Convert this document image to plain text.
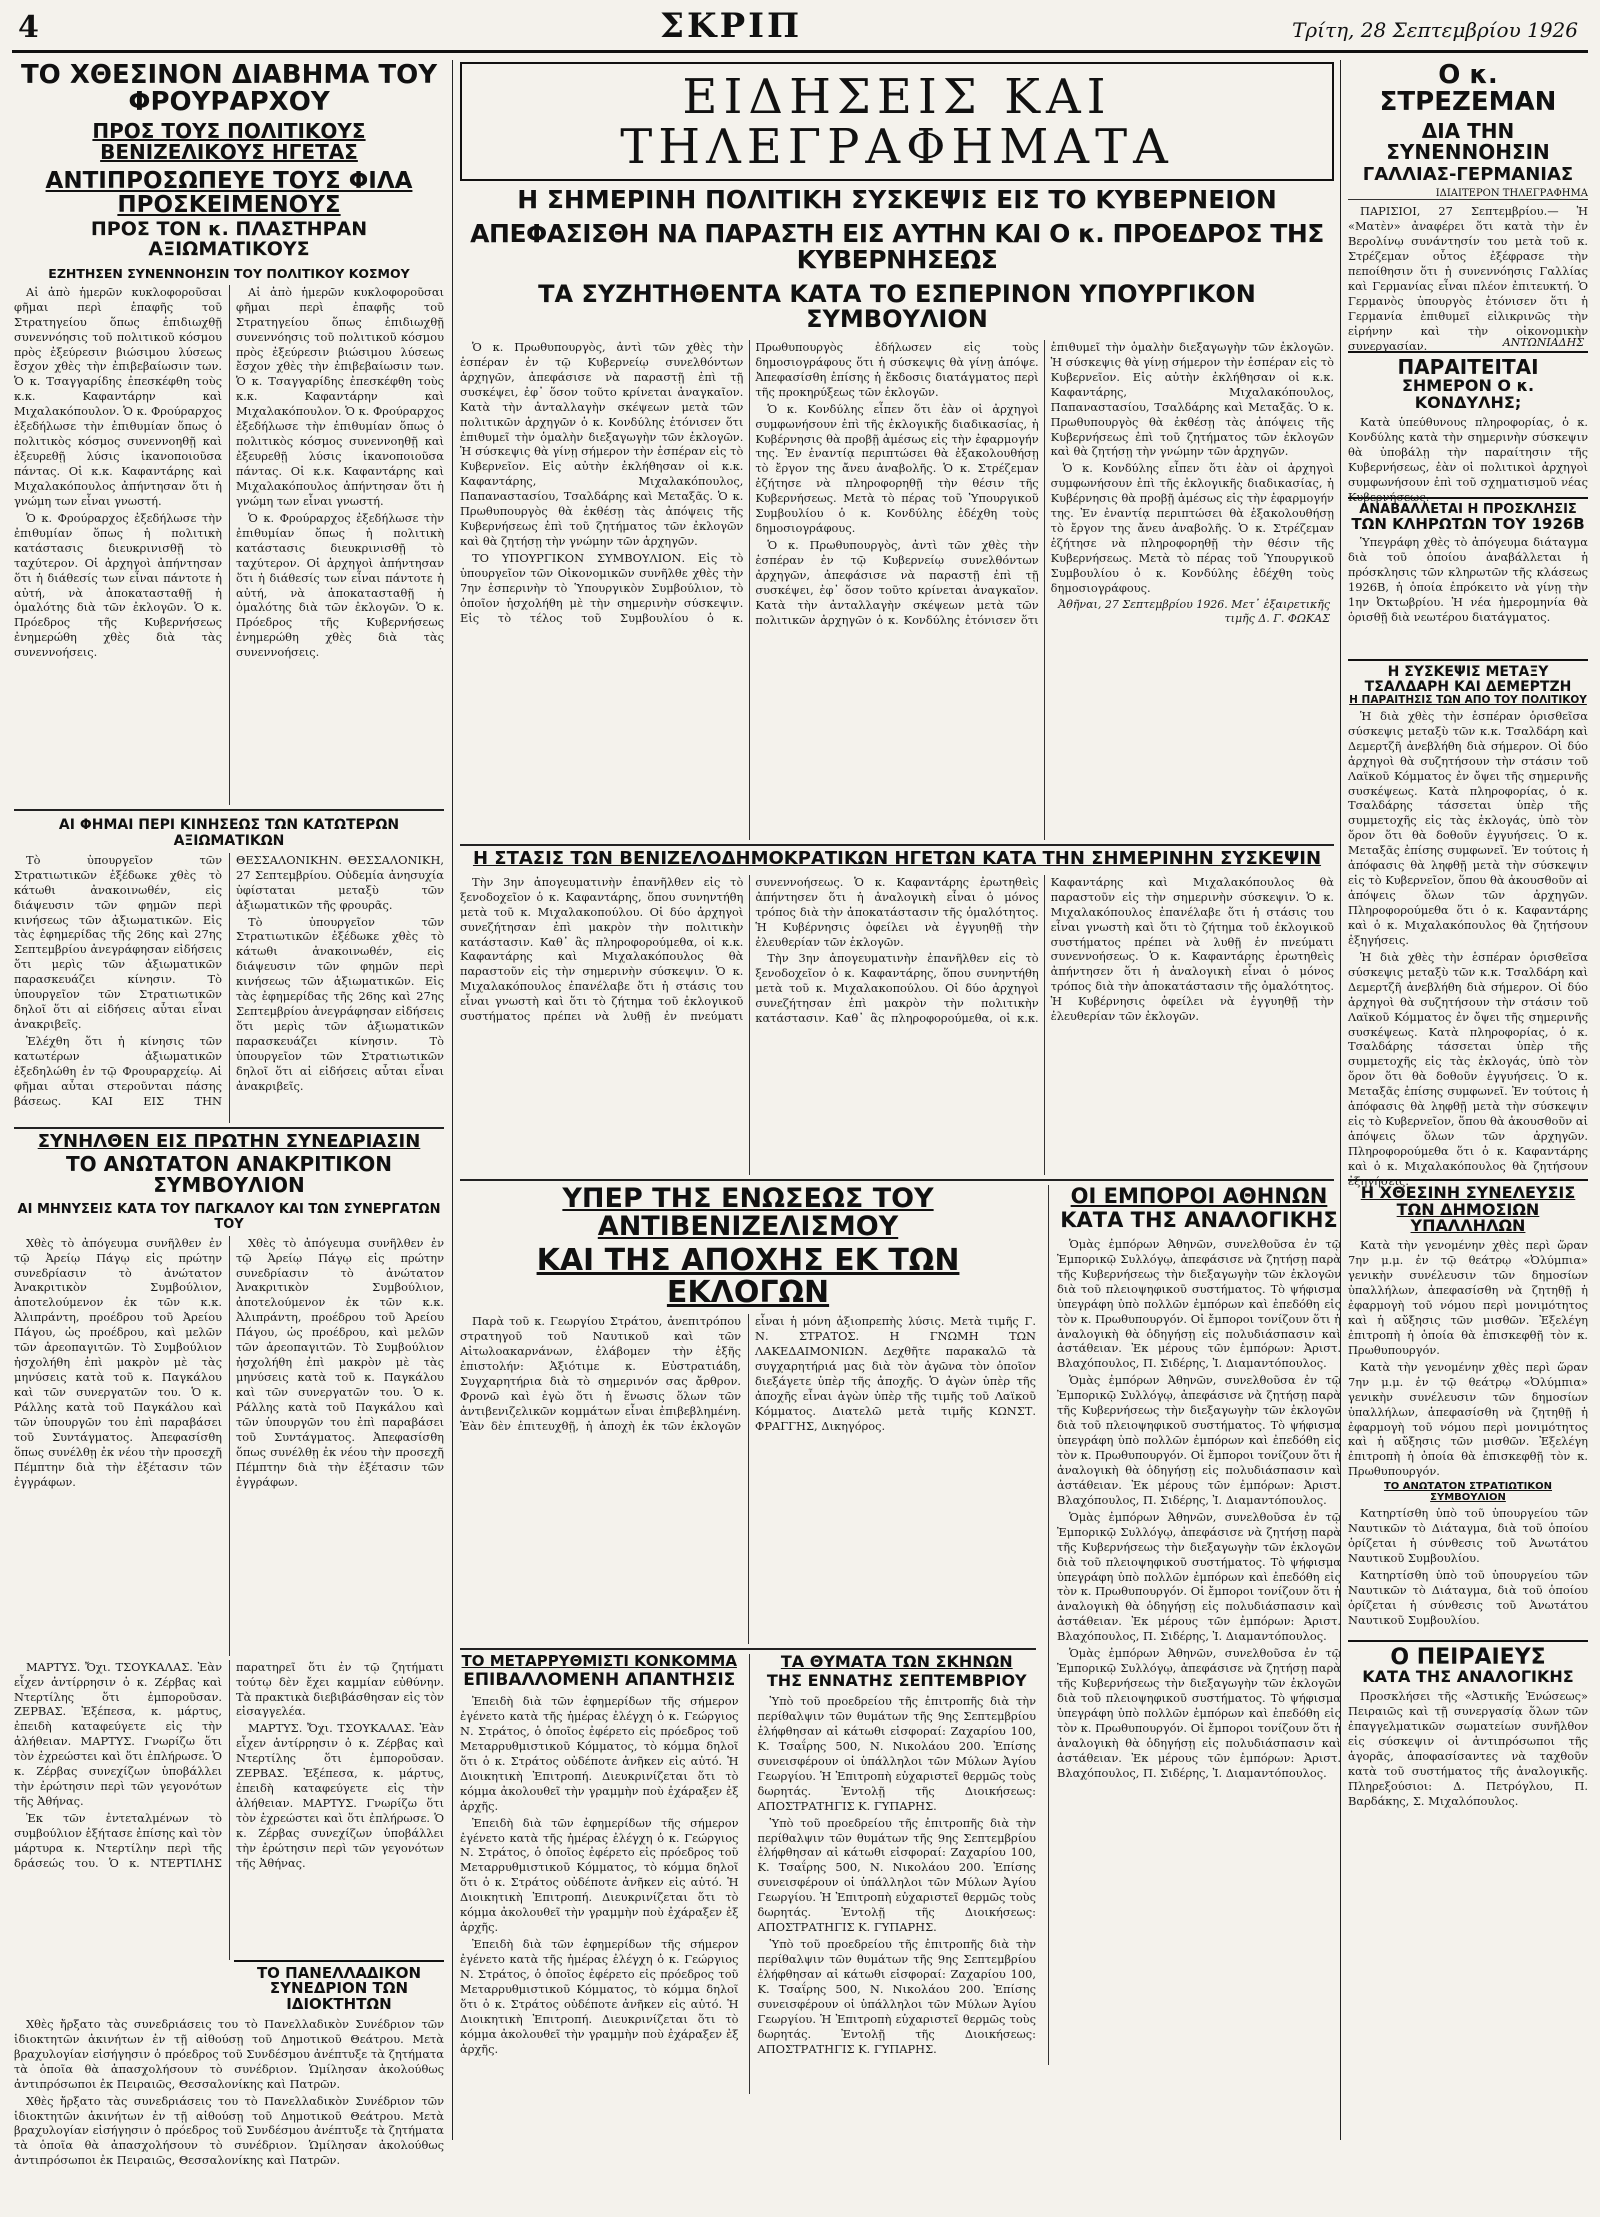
4	ΣΚΡΙΠ	Τρίτη, 28 Σεπτεμβρίου 1926
ΤΟ ΧΘΕΣΙΝΟΝ ΔΙΑΒΗΜΑ ΤΟΥ ΦΡΟΥΡΑΡΧΟΥ
ΠΡΟΣ ΤΟΥΣ ΠΟΛΙΤΙΚΟΥΣ ΒΕΝΙΖΕΛΙΚΟΥΣ ΗΓΕΤΑΣ
ΑΝΤΙΠΡΟΣΩΠΕΥΕ ΤΟΥΣ ΦΙΛΑ ΠΡΟΣΚΕΙΜΕΝΟΥΣ
ΠΡΟΣ ΤΟΝ κ. ΠΛΑΣΤΗΡΑΝ ΑΞΙΩΜΑΤΙΚΟΥΣ
ΕΖΗΤΗΣΕΝ ΣΥΝΕΝΝΟΗΣΙΝ ΤΟΥ ΠΟΛΙΤΙΚΟΥ ΚΟΣΜΟΥ

Αἱ ἀπὸ ἡμερῶν κυκλοφοροῦσαι φῆμαι περὶ ἐπαφῆς τοῦ Στρατηγείου ὅπως ἐπιδιωχθῇ συνεννόησις τοῦ πολιτικοῦ κόσμου πρὸς ἐξεύρεσιν βιώσιμου λύσεως ἔσχον χθὲς τὴν ἐπιβεβαίωσιν των. Ὁ κ. Τσαγγαρίδης ἐπεσκέφθη τοὺς κ.κ. Καφαντάρην καὶ Μιχαλακόπουλον. Ὁ κ. Φρούραρχος ἐξεδήλωσε τὴν ἐπιθυμίαν ὅπως ὁ πολιτικὸς κόσμος συνεννοηθῇ καὶ ἐξευρεθῇ λύσις ἱκανοποιοῦσα πάντας. Οἱ κ.κ. Καφαντάρης καὶ Μιχαλακόπουλος ἀπήντησαν ὅτι ἡ γνώμη των εἶναι γνωστή.

Ὁ κ. Φρούραρχος ἐξεδήλωσε τὴν ἐπιθυμίαν ὅπως ἡ πολιτικὴ κατάστασις διευκρινισθῇ τὸ ταχύτερον. Οἱ ἀρχηγοὶ ἀπήντησαν ὅτι ἡ διάθεσίς των εἶναι πάντοτε ἡ αὐτή, νὰ ἀποκατασταθῇ ἡ ὁμαλότης διὰ τῶν ἐκλογῶν. Ὁ κ. Πρόεδρος τῆς Κυβερνήσεως ἐνημερώθη χθὲς διὰ τὰς συνεννοήσεις.

Αἱ ἀπὸ ἡμερῶν κυκλοφοροῦσαι φῆμαι περὶ ἐπαφῆς τοῦ Στρατηγείου ὅπως ἐπιδιωχθῇ συνεννόησις τοῦ πολιτικοῦ κόσμου πρὸς ἐξεύρεσιν βιώσιμου λύσεως ἔσχον χθὲς τὴν ἐπιβεβαίωσιν των. Ὁ κ. Τσαγγαρίδης ἐπεσκέφθη τοὺς κ.κ. Καφαντάρην καὶ Μιχαλακόπουλον. Ὁ κ. Φρούραρχος ἐξεδήλωσε τὴν ἐπιθυμίαν ὅπως ὁ πολιτικὸς κόσμος συνεννοηθῇ καὶ ἐξευρεθῇ λύσις ἱκανοποιοῦσα πάντας. Οἱ κ.κ. Καφαντάρης καὶ Μιχαλακόπουλος ἀπήντησαν ὅτι ἡ γνώμη των εἶναι γνωστή.

Ὁ κ. Φρούραρχος ἐξεδήλωσε τὴν ἐπιθυμίαν ὅπως ἡ πολιτικὴ κατάστασις διευκρινισθῇ τὸ ταχύτερον. Οἱ ἀρχηγοὶ ἀπήντησαν ὅτι ἡ διάθεσίς των εἶναι πάντοτε ἡ αὐτή, νὰ ἀποκατασταθῇ ἡ ὁμαλότης διὰ τῶν ἐκλογῶν. Ὁ κ. Πρόεδρος τῆς Κυβερνήσεως ἐνημερώθη χθὲς διὰ τὰς συνεννοήσεις.

ΑΙ ΦΗΜΑΙ ΠΕΡΙ ΚΙΝΗΣΕΩΣ ΤΩΝ ΚΑΤΩΤΕΡΩΝ ΑΞΙΩΜΑΤΙΚΩΝ

Τὸ ὑπουργεῖον τῶν Στρατιωτικῶν ἐξέδωκε χθὲς τὸ κάτωθι ἀνακοινωθέν, εἰς διάψευσιν τῶν φημῶν περὶ κινήσεως τῶν ἀξιωματικῶν. Εἰς τὰς ἐφημερίδας τῆς 26ης καὶ 27ης Σεπτεμβρίου ἀνεγράφησαν εἰδήσεις ὅτι μερὶς τῶν ἀξιωματικῶν παρασκευάζει κίνησιν. Τὸ ὑπουργεῖον τῶν Στρατιωτικῶν δηλοῖ ὅτι αἱ εἰδήσεις αὗται εἶναι ἀνακριβεῖς.

Ἐλέχθη ὅτι ἡ κίνησις τῶν κατωτέρων ἀξιωματικῶν ἐξεδηλώθη ἐν τῷ Φρουραρχείῳ. Αἱ φῆμαι αὗται στεροῦνται πάσης βάσεως. ΚΑΙ ΕΙΣ ΤΗΝ ΘΕΣΣΑΛΟΝΙΚΗΝ. ΘΕΣΣΑΛΟΝΙΚΗ, 27 Σεπτεμβρίου. Οὐδεμία ἀνησυχία ὑφίσταται μεταξὺ τῶν ἀξιωματικῶν τῆς φρουρᾶς.

Τὸ ὑπουργεῖον τῶν Στρατιωτικῶν ἐξέδωκε χθὲς τὸ κάτωθι ἀνακοινωθέν, εἰς διάψευσιν τῶν φημῶν περὶ κινήσεως τῶν ἀξιωματικῶν. Εἰς τὰς ἐφημερίδας τῆς 26ης καὶ 27ης Σεπτεμβρίου ἀνεγράφησαν εἰδήσεις ὅτι μερὶς τῶν ἀξιωματικῶν παρασκευάζει κίνησιν. Τὸ ὑπουργεῖον τῶν Στρατιωτικῶν δηλοῖ ὅτι αἱ εἰδήσεις αὗται εἶναι ἀνακριβεῖς.

ΣΥΝΗΛΘΕΝ ΕΙΣ ΠΡΩΤΗΝ ΣΥΝΕΔΡΙΑΣΙΝ
ΤΟ ΑΝΩΤΑΤΟΝ ΑΝΑΚΡΙΤΙΚΟΝ ΣΥΜΒΟΥΛΙΟΝ
ΑΙ ΜΗΝΥΣΕΙΣ ΚΑΤΑ ΤΟΥ ΠΑΓΚΑΛΟΥ ΚΑΙ ΤΩΝ ΣΥΝΕΡΓΑΤΩΝ ΤΟΥ

Χθὲς τὸ ἀπόγευμα συνῆλθεν ἐν τῷ Ἀρείῳ Πάγῳ εἰς πρώτην συνεδρίασιν τὸ ἀνώτατον Ἀνακριτικὸν Συμβούλιον, ἀποτελούμενον ἐκ τῶν κ.κ. Ἀλιπράντη, προέδρου τοῦ Ἀρείου Πάγου, ὡς προέδρου, καὶ μελῶν τῶν ἀρεοπαγιτῶν. Τὸ Συμβούλιον ἠσχολήθη ἐπὶ μακρὸν μὲ τὰς μηνύσεις κατὰ τοῦ κ. Παγκάλου καὶ τῶν συνεργατῶν του. Ὁ κ. Ράλλης κατὰ τοῦ Παγκάλου καὶ τῶν ὑπουργῶν του ἐπὶ παραβάσει τοῦ Συντάγματος. Ἀπεφασίσθη ὅπως συνέλθῃ ἐκ νέου τὴν προσεχῆ Πέμπτην διὰ τὴν ἐξέτασιν τῶν ἐγγράφων.

Χθὲς τὸ ἀπόγευμα συνῆλθεν ἐν τῷ Ἀρείῳ Πάγῳ εἰς πρώτην συνεδρίασιν τὸ ἀνώτατον Ἀνακριτικὸν Συμβούλιον, ἀποτελούμενον ἐκ τῶν κ.κ. Ἀλιπράντη, προέδρου τοῦ Ἀρείου Πάγου, ὡς προέδρου, καὶ μελῶν τῶν ἀρεοπαγιτῶν. Τὸ Συμβούλιον ἠσχολήθη ἐπὶ μακρὸν μὲ τὰς μηνύσεις κατὰ τοῦ κ. Παγκάλου καὶ τῶν συνεργατῶν του. Ὁ κ. Ράλλης κατὰ τοῦ Παγκάλου καὶ τῶν ὑπουργῶν του ἐπὶ παραβάσει τοῦ Συντάγματος. Ἀπεφασίσθη ὅπως συνέλθῃ ἐκ νέου τὴν προσεχῆ Πέμπτην διὰ τὴν ἐξέτασιν τῶν ἐγγράφων.

ΜΑΡΤΥΣ. Ὄχι. ΤΣΟΥΚΑΛΑΣ. Ἐὰν εἶχεν ἀντίρρησιν ὁ κ. Ζέρβας καὶ Ντερτίλης ὅτι ἐμποροῦσαν. ΖΕΡΒΑΣ. Ἐξέπεσα, κ. μάρτυς, ἐπειδὴ καταφεύγετε εἰς τὴν ἀλήθειαν. ΜΑΡΤΥΣ. Γνωρίζω ὅτι τὸν ἐχρεώστει καὶ ὅτι ἐπλήρωσε. Ὁ κ. Ζέρβας συνεχίζων ὑποβάλλει τὴν ἐρώτησιν περὶ τῶν γεγονότων τῆς Ἀθήνας.

Ἐκ τῶν ἐντεταλμένων τὸ συμβούλιον ἐξήτασε ἐπίσης καὶ τὸν μάρτυρα κ. Ντερτίλην περὶ τῆς δράσεώς του. Ὁ κ. ΝΤΕΡΤΙΛΗΣ παρατηρεῖ ὅτι ἐν τῷ ζητήματι τούτῳ δὲν ἔχει καμμίαν εὐθύνην. Τὰ πρακτικὰ διεβιβάσθησαν εἰς τὸν εἰσαγγελέα.

ΜΑΡΤΥΣ. Ὄχι. ΤΣΟΥΚΑΛΑΣ. Ἐὰν εἶχεν ἀντίρρησιν ὁ κ. Ζέρβας καὶ Ντερτίλης ὅτι ἐμποροῦσαν. ΖΕΡΒΑΣ. Ἐξέπεσα, κ. μάρτυς, ἐπειδὴ καταφεύγετε εἰς τὴν ἀλήθειαν. ΜΑΡΤΥΣ. Γνωρίζω ὅτι τὸν ἐχρεώστει καὶ ὅτι ἐπλήρωσε. Ὁ κ. Ζέρβας συνεχίζων ὑποβάλλει τὴν ἐρώτησιν περὶ τῶν γεγονότων τῆς Ἀθήνας.

ΤΟ ΠΑΝΕΛΛΑΔΙΚΟΝ ΣΥΝΕΔΡΙΟΝ ΤΩΝ ΙΔΙΟΚΤΗΤΩΝ

Χθὲς ἤρξατο τὰς συνεδριάσεις του τὸ Πανελλαδικὸν Συνέδριον τῶν ἰδιοκτητῶν ἀκινήτων ἐν τῇ αἰθούσῃ τοῦ Δημοτικοῦ Θεάτρου. Μετὰ βραχυλογίαν εἰσήγησιν ὁ πρόεδρος τοῦ Συνδέσμου ἀνέπτυξε τὰ ζητήματα τὰ ὁποῖα θὰ ἀπασχολήσουν τὸ συνέδριον. Ὡμίλησαν ἀκολούθως ἀντιπρόσωποι ἐκ Πειραιῶς, Θεσσαλονίκης καὶ Πατρῶν.

Χθὲς ἤρξατο τὰς συνεδριάσεις του τὸ Πανελλαδικὸν Συνέδριον τῶν ἰδιοκτητῶν ἀκινήτων ἐν τῇ αἰθούσῃ τοῦ Δημοτικοῦ Θεάτρου. Μετὰ βραχυλογίαν εἰσήγησιν ὁ πρόεδρος τοῦ Συνδέσμου ἀνέπτυξε τὰ ζητήματα τὰ ὁποῖα θὰ ἀπασχολήσουν τὸ συνέδριον. Ὡμίλησαν ἀκολούθως ἀντιπρόσωποι ἐκ Πειραιῶς, Θεσσαλονίκης καὶ Πατρῶν.

ΕΙΔΗΣΕΙΣ ΚΑΙ ΤΗΛΕΓΡΑΦΗΜΑΤΑ
Η ΣΗΜΕΡΙΝΗ ΠΟΛΙΤΙΚΗ ΣΥΣΚΕΨΙΣ ΕΙΣ ΤΟ ΚΥΒΕΡΝΕΙΟΝ
ΑΠΕΦΑΣΙΣΘΗ ΝΑ ΠΑΡΑΣΤΗ ΕΙΣ ΑΥΤΗΝ ΚΑΙ Ο κ. ΠΡΟΕΔΡΟΣ ΤΗΣ ΚΥΒΕΡΝΗΣΕΩΣ
ΤΑ ΣΥΖΗΤΗΘΕΝΤΑ ΚΑΤΑ ΤΟ ΕΣΠΕΡΙΝΟΝ ΥΠΟΥΡΓΙΚΟΝ ΣΥΜΒΟΥΛΙΟΝ

Ὁ κ. Πρωθυπουργὸς, ἀντὶ τῶν χθὲς τὴν ἑσπέραν ἐν τῷ Κυβερνείῳ συνελθόντων ἀρχηγῶν, ἀπεφάσισε νὰ παραστῇ ἐπὶ τῇ συσκέψει, ἐφ᾽ ὅσον τοῦτο κρίνεται ἀναγκαῖον. Κατὰ τὴν ἀνταλλαγὴν σκέψεων μετὰ τῶν πολιτικῶν ἀρχηγῶν ὁ κ. Κονδύλης ἐτόνισεν ὅτι ἐπιθυμεῖ τὴν ὁμαλὴν διεξαγωγὴν τῶν ἐκλογῶν. Ἡ σύσκεψις θὰ γίνῃ σήμερον τὴν ἑσπέραν εἰς τὸ Κυβερνεῖον. Εἰς αὐτὴν ἐκλήθησαν οἱ κ.κ. Καφαντάρης, Μιχαλακόπουλος, Παπαναστασίου, Τσαλδάρης καὶ Μεταξᾶς. Ὁ κ. Πρωθυπουργὸς θὰ ἐκθέσῃ τὰς ἀπόψεις τῆς Κυβερνήσεως ἐπὶ τοῦ ζητήματος τῶν ἐκλογῶν καὶ θὰ ζητήσῃ τὴν γνώμην τῶν ἀρχηγῶν.

ΤΟ ΥΠΟΥΡΓΙΚΟΝ ΣΥΜΒΟΥΛΙΟΝ. Εἰς τὸ ὑπουργεῖον τῶν Οἰκονομικῶν συνῆλθε χθὲς τὴν 7ην ἑσπερινὴν τὸ Ὑπουργικὸν Συμβούλιον, τὸ ὁποῖον ἠσχολήθη μὲ τὴν σημερινὴν σύσκεψιν. Εἰς τὸ τέλος τοῦ Συμβουλίου ὁ κ. Πρωθυπουργὸς ἐδήλωσεν εἰς τοὺς δημοσιογράφους ὅτι ἡ σύσκεψις θὰ γίνῃ ἀπόψε. Ἀπεφασίσθη ἐπίσης ἡ ἔκδοσις διατάγματος περὶ τῆς προκηρύξεως τῶν ἐκλογῶν.

Ὁ κ. Κονδύλης εἶπεν ὅτι ἐὰν οἱ ἀρχηγοὶ συμφωνήσουν ἐπὶ τῆς ἐκλογικῆς διαδικασίας, ἡ Κυβέρνησις θὰ προβῇ ἀμέσως εἰς τὴν ἐφαρμογήν της. Ἐν ἐναντίᾳ περιπτώσει θὰ ἐξακολουθήσῃ τὸ ἔργον της ἄνευ ἀναβολῆς. Ὁ κ. Στρέζεμαν ἐζήτησε νὰ πληροφορηθῇ τὴν θέσιν τῆς Κυβερνήσεως. Μετὰ τὸ πέρας τοῦ Ὑπουργικοῦ Συμβουλίου ὁ κ. Κονδύλης ἐδέχθη τοὺς δημοσιογράφους.

Ὁ κ. Πρωθυπουργὸς, ἀντὶ τῶν χθὲς τὴν ἑσπέραν ἐν τῷ Κυβερνείῳ συνελθόντων ἀρχηγῶν, ἀπεφάσισε νὰ παραστῇ ἐπὶ τῇ συσκέψει, ἐφ᾽ ὅσον τοῦτο κρίνεται ἀναγκαῖον. Κατὰ τὴν ἀνταλλαγὴν σκέψεων μετὰ τῶν πολιτικῶν ἀρχηγῶν ὁ κ. Κονδύλης ἐτόνισεν ὅτι ἐπιθυμεῖ τὴν ὁμαλὴν διεξαγωγὴν τῶν ἐκλογῶν. Ἡ σύσκεψις θὰ γίνῃ σήμερον τὴν ἑσπέραν εἰς τὸ Κυβερνεῖον. Εἰς αὐτὴν ἐκλήθησαν οἱ κ.κ. Καφαντάρης, Μιχαλακόπουλος, Παπαναστασίου, Τσαλδάρης καὶ Μεταξᾶς. Ὁ κ. Πρωθυπουργὸς θὰ ἐκθέσῃ τὰς ἀπόψεις τῆς Κυβερνήσεως ἐπὶ τοῦ ζητήματος τῶν ἐκλογῶν καὶ θὰ ζητήσῃ τὴν γνώμην τῶν ἀρχηγῶν.

Ὁ κ. Κονδύλης εἶπεν ὅτι ἐὰν οἱ ἀρχηγοὶ συμφωνήσουν ἐπὶ τῆς ἐκλογικῆς διαδικασίας, ἡ Κυβέρνησις θὰ προβῇ ἀμέσως εἰς τὴν ἐφαρμογήν της. Ἐν ἐναντίᾳ περιπτώσει θὰ ἐξακολουθήσῃ τὸ ἔργον της ἄνευ ἀναβολῆς. Ὁ κ. Στρέζεμαν ἐζήτησε νὰ πληροφορηθῇ τὴν θέσιν τῆς Κυβερνήσεως. Μετὰ τὸ πέρας τοῦ Ὑπουργικοῦ Συμβουλίου ὁ κ. Κονδύλης ἐδέχθη τοὺς δημοσιογράφους.

Ἀθῆναι, 27 Σεπτεμβρίου 1926. Μετ᾽ ἐξαιρετικῆς τιμῆς Δ. Γ. ΦΩΚΑΣ
Η ΣΤΑΣΙΣ ΤΩΝ ΒΕΝΙΖΕΛΟΔΗΜΟΚΡΑΤΙΚΩΝ ΗΓΕΤΩΝ ΚΑΤΑ ΤΗΝ ΣΗΜΕΡΙΝΗΝ ΣΥΣΚΕΨΙΝ

Τὴν 3ην ἀπογευματινὴν ἐπανῆλθεν εἰς τὸ ξενοδοχεῖον ὁ κ. Καφαντάρης, ὅπου συνηντήθη μετὰ τοῦ κ. Μιχαλακοπούλου. Οἱ δύο ἀρχηγοὶ συνεζήτησαν ἐπὶ μακρὸν τὴν πολιτικὴν κατάστασιν. Καθ᾽ ἃς πληροφορούμεθα, οἱ κ.κ. Καφαντάρης καὶ Μιχαλακόπουλος θὰ παραστοῦν εἰς τὴν σημερινὴν σύσκεψιν. Ὁ κ. Μιχαλακόπουλος ἐπανέλαβε ὅτι ἡ στάσις του εἶναι γνωστὴ καὶ ὅτι τὸ ζήτημα τοῦ ἐκλογικοῦ συστήματος πρέπει νὰ λυθῇ ἐν πνεύματι συνεννοήσεως. Ὁ κ. Καφαντάρης ἐρωτηθεὶς ἀπήντησεν ὅτι ἡ ἀναλογικὴ εἶναι ὁ μόνος τρόπος διὰ τὴν ἀποκατάστασιν τῆς ὁμαλότητος. Ἡ Κυβέρνησις ὀφείλει νὰ ἐγγυηθῇ τὴν ἐλευθερίαν τῶν ἐκλογῶν.

Τὴν 3ην ἀπογευματινὴν ἐπανῆλθεν εἰς τὸ ξενοδοχεῖον ὁ κ. Καφαντάρης, ὅπου συνηντήθη μετὰ τοῦ κ. Μιχαλακοπούλου. Οἱ δύο ἀρχηγοὶ συνεζήτησαν ἐπὶ μακρὸν τὴν πολιτικὴν κατάστασιν. Καθ᾽ ἃς πληροφορούμεθα, οἱ κ.κ. Καφαντάρης καὶ Μιχαλακόπουλος θὰ παραστοῦν εἰς τὴν σημερινὴν σύσκεψιν. Ὁ κ. Μιχαλακόπουλος ἐπανέλαβε ὅτι ἡ στάσις του εἶναι γνωστὴ καὶ ὅτι τὸ ζήτημα τοῦ ἐκλογικοῦ συστήματος πρέπει νὰ λυθῇ ἐν πνεύματι συνεννοήσεως. Ὁ κ. Καφαντάρης ἐρωτηθεὶς ἀπήντησεν ὅτι ἡ ἀναλογικὴ εἶναι ὁ μόνος τρόπος διὰ τὴν ἀποκατάστασιν τῆς ὁμαλότητος. Ἡ Κυβέρνησις ὀφείλει νὰ ἐγγυηθῇ τὴν ἐλευθερίαν τῶν ἐκλογῶν.

ΥΠΕΡ ΤΗΣ ΕΝΩΣΕΩΣ ΤΟΥ ΑΝΤΙΒΕΝΙΖΕΛΙΣΜΟΥ
ΚΑΙ ΤΗΣ ΑΠΟΧΗΣ ΕΚ ΤΩΝ ΕΚΛΟΓΩΝ

Παρὰ τοῦ κ. Γεωργίου Στράτου, ἀνεπιτρόπου στρατηγοῦ τοῦ Ναυτικοῦ καὶ τῶν Αἰτωλοακαρνάνων, ἐλάβομεν τὴν ἑξῆς ἐπιστολήν: Ἀξιότιμε κ. Εὐστρατιάδη, Συγχαρητήρια διὰ τὸ σημερινόν σας ἄρθρον. Φρονῶ καὶ ἐγὼ ὅτι ἡ ἕνωσις ὅλων τῶν ἀντιβενιζελικῶν κομμάτων εἶναι ἐπιβεβλημένη. Ἐὰν δὲν ἐπιτευχθῇ, ἡ ἀποχὴ ἐκ τῶν ἐκλογῶν εἶναι ἡ μόνη ἀξιοπρεπὴς λύσις. Μετὰ τιμῆς Γ. Ν. ΣΤΡΑΤΟΣ. Η ΓΝΩΜΗ ΤΩΝ ΛΑΚΕΔΑΙΜΟΝΙΩΝ. Δεχθῆτε παρακαλῶ τὰ συγχαρητήριά μας διὰ τὸν ἀγῶνα τὸν ὁποῖον διεξάγετε ὑπὲρ τῆς ἀποχῆς. Ὁ ἀγὼν ὑπὲρ τῆς ἀποχῆς εἶναι ἀγὼν ὑπὲρ τῆς τιμῆς τοῦ Λαϊκοῦ Κόμματος. Διατελῶ μετὰ τιμῆς ΚΩΝΣΤ. ΦΡΑΓΓΗΣ, Δικηγόρος.

ΤΟ ΜΕΤΑΡΡΥΘΜΙΣΤΙ ΚΟΝΚΟΜΜΑ
ΕΠΙΒΑΛΛΟΜΕΝΗ ΑΠΑΝΤΗΣΙΣ

Ἐπειδὴ διὰ τῶν ἐφημερίδων τῆς σήμερον ἐγένετο κατὰ τῆς ἡμέρας ἐλέγχη ὁ κ. Γεώργιος Ν. Στράτος, ὁ ὁποῖος ἐφέρετο εἰς πρόεδρος τοῦ Μεταρρυθμιστικοῦ Κόμματος, τὸ κόμμα δηλοῖ ὅτι ὁ κ. Στράτος οὐδέποτε ἀνῆκεν εἰς αὐτό. Ἡ Διοικητικὴ Ἐπιτροπή. Διευκρινίζεται ὅτι τὸ κόμμα ἀκολουθεῖ τὴν γραμμὴν ποὺ ἐχάραξεν ἐξ ἀρχῆς.

Ἐπειδὴ διὰ τῶν ἐφημερίδων τῆς σήμερον ἐγένετο κατὰ τῆς ἡμέρας ἐλέγχη ὁ κ. Γεώργιος Ν. Στράτος, ὁ ὁποῖος ἐφέρετο εἰς πρόεδρος τοῦ Μεταρρυθμιστικοῦ Κόμματος, τὸ κόμμα δηλοῖ ὅτι ὁ κ. Στράτος οὐδέποτε ἀνῆκεν εἰς αὐτό. Ἡ Διοικητικὴ Ἐπιτροπή. Διευκρινίζεται ὅτι τὸ κόμμα ἀκολουθεῖ τὴν γραμμὴν ποὺ ἐχάραξεν ἐξ ἀρχῆς.

Ἐπειδὴ διὰ τῶν ἐφημερίδων τῆς σήμερον ἐγένετο κατὰ τῆς ἡμέρας ἐλέγχη ὁ κ. Γεώργιος Ν. Στράτος, ὁ ὁποῖος ἐφέρετο εἰς πρόεδρος τοῦ Μεταρρυθμιστικοῦ Κόμματος, τὸ κόμμα δηλοῖ ὅτι ὁ κ. Στράτος οὐδέποτε ἀνῆκεν εἰς αὐτό. Ἡ Διοικητικὴ Ἐπιτροπή. Διευκρινίζεται ὅτι τὸ κόμμα ἀκολουθεῖ τὴν γραμμὴν ποὺ ἐχάραξεν ἐξ ἀρχῆς.

ΤΑ ΘΥΜΑΤΑ ΤΩΝ ΣΚΗΝΩΝ
ΤΗΣ ΕΝΝΑΤΗΣ ΣΕΠΤΕΜΒΡΙΟΥ

Ὑπὸ τοῦ προεδρείου τῆς ἐπιτροπῆς διὰ τὴν περίθαλψιν τῶν θυμάτων τῆς 9ης Σεπτεμβρίου ἐλήφθησαν αἱ κάτωθι εἰσφοραί: Ζαχαρίου 100, Κ. Τσαΐρης 500, Ν. Νικολάου 200. Ἐπίσης συνεισφέρουν οἱ ὑπάλληλοι τῶν Μύλων Ἀγίου Γεωργίου. Ἡ Ἐπιτροπὴ εὐχαριστεῖ θερμῶς τοὺς δωρητάς. Ἐντολῇ τῆς Διοικήσεως: ΑΠΟΣΤΡΑΤΗΓΙΣ Κ. ΓΥΠΑΡΗΣ.

Ὑπὸ τοῦ προεδρείου τῆς ἐπιτροπῆς διὰ τὴν περίθαλψιν τῶν θυμάτων τῆς 9ης Σεπτεμβρίου ἐλήφθησαν αἱ κάτωθι εἰσφοραί: Ζαχαρίου 100, Κ. Τσαΐρης 500, Ν. Νικολάου 200. Ἐπίσης συνεισφέρουν οἱ ὑπάλληλοι τῶν Μύλων Ἀγίου Γεωργίου. Ἡ Ἐπιτροπὴ εὐχαριστεῖ θερμῶς τοὺς δωρητάς. Ἐντολῇ τῆς Διοικήσεως: ΑΠΟΣΤΡΑΤΗΓΙΣ Κ. ΓΥΠΑΡΗΣ.

Ὑπὸ τοῦ προεδρείου τῆς ἐπιτροπῆς διὰ τὴν περίθαλψιν τῶν θυμάτων τῆς 9ης Σεπτεμβρίου ἐλήφθησαν αἱ κάτωθι εἰσφοραί: Ζαχαρίου 100, Κ. Τσαΐρης 500, Ν. Νικολάου 200. Ἐπίσης συνεισφέρουν οἱ ὑπάλληλοι τῶν Μύλων Ἀγίου Γεωργίου. Ἡ Ἐπιτροπὴ εὐχαριστεῖ θερμῶς τοὺς δωρητάς. Ἐντολῇ τῆς Διοικήσεως: ΑΠΟΣΤΡΑΤΗΓΙΣ Κ. ΓΥΠΑΡΗΣ.

ΟΙ ΕΜΠΟΡΟΙ ΑΘΗΝΩΝ
ΚΑΤΑ ΤΗΣ ΑΝΑΛΟΓΙΚΗΣ

Ὁμὰς ἐμπόρων Ἀθηνῶν, συνελθοῦσα ἐν τῷ Ἐμπορικῷ Συλλόγῳ, ἀπεφάσισε νὰ ζητήσῃ παρὰ τῆς Κυβερνήσεως τὴν διεξαγωγὴν τῶν ἐκλογῶν διὰ τοῦ πλειοψηφικοῦ συστήματος. Τὸ ψήφισμα ὑπεγράφη ὑπὸ πολλῶν ἐμπόρων καὶ ἐπεδόθη εἰς τὸν κ. Πρωθυπουργόν. Οἱ ἔμποροι τονίζουν ὅτι ἡ ἀναλογικὴ θὰ ὁδηγήσῃ εἰς πολυδιάσπασιν καὶ ἀστάθειαν. Ἐκ μέρους τῶν ἐμπόρων: Ἀριστ. Βλαχόπουλος, Π. Σιδέρης, Ἰ. Διαμαντόπουλος.

Ὁμὰς ἐμπόρων Ἀθηνῶν, συνελθοῦσα ἐν τῷ Ἐμπορικῷ Συλλόγῳ, ἀπεφάσισε νὰ ζητήσῃ παρὰ τῆς Κυβερνήσεως τὴν διεξαγωγὴν τῶν ἐκλογῶν διὰ τοῦ πλειοψηφικοῦ συστήματος. Τὸ ψήφισμα ὑπεγράφη ὑπὸ πολλῶν ἐμπόρων καὶ ἐπεδόθη εἰς τὸν κ. Πρωθυπουργόν. Οἱ ἔμποροι τονίζουν ὅτι ἡ ἀναλογικὴ θὰ ὁδηγήσῃ εἰς πολυδιάσπασιν καὶ ἀστάθειαν. Ἐκ μέρους τῶν ἐμπόρων: Ἀριστ. Βλαχόπουλος, Π. Σιδέρης, Ἰ. Διαμαντόπουλος.

Ὁμὰς ἐμπόρων Ἀθηνῶν, συνελθοῦσα ἐν τῷ Ἐμπορικῷ Συλλόγῳ, ἀπεφάσισε νὰ ζητήσῃ παρὰ τῆς Κυβερνήσεως τὴν διεξαγωγὴν τῶν ἐκλογῶν διὰ τοῦ πλειοψηφικοῦ συστήματος. Τὸ ψήφισμα ὑπεγράφη ὑπὸ πολλῶν ἐμπόρων καὶ ἐπεδόθη εἰς τὸν κ. Πρωθυπουργόν. Οἱ ἔμποροι τονίζουν ὅτι ἡ ἀναλογικὴ θὰ ὁδηγήσῃ εἰς πολυδιάσπασιν καὶ ἀστάθειαν. Ἐκ μέρους τῶν ἐμπόρων: Ἀριστ. Βλαχόπουλος, Π. Σιδέρης, Ἰ. Διαμαντόπουλος.

Ὁμὰς ἐμπόρων Ἀθηνῶν, συνελθοῦσα ἐν τῷ Ἐμπορικῷ Συλλόγῳ, ἀπεφάσισε νὰ ζητήσῃ παρὰ τῆς Κυβερνήσεως τὴν διεξαγωγὴν τῶν ἐκλογῶν διὰ τοῦ πλειοψηφικοῦ συστήματος. Τὸ ψήφισμα ὑπεγράφη ὑπὸ πολλῶν ἐμπόρων καὶ ἐπεδόθη εἰς τὸν κ. Πρωθυπουργόν. Οἱ ἔμποροι τονίζουν ὅτι ἡ ἀναλογικὴ θὰ ὁδηγήσῃ εἰς πολυδιάσπασιν καὶ ἀστάθειαν. Ἐκ μέρους τῶν ἐμπόρων: Ἀριστ. Βλαχόπουλος, Π. Σιδέρης, Ἰ. Διαμαντόπουλος.

Ο κ. ΣΤΡΕΖΕΜΑΝ
ΔΙΑ ΤΗΝ ΣΥΝΕΝΝΟΗΣΙΝ
ΓΑΛΛΙΑΣ-ΓΕΡΜΑΝΙΑΣ
ΙΔΙΑΙΤΕΡΟΝ ΤΗΛΕΓΡΑΦΗΜΑ

ΠΑΡΙΣΙΟΙ, 27 Σεπτεμβρίου.— Ἡ «Ματὲν» ἀναφέρει ὅτι κατὰ τὴν ἐν Βερολίνῳ συνάντησίν του μετὰ τοῦ κ. Στρέζεμαν οὗτος ἐξέφρασε τὴν πεποίθησιν ὅτι ἡ συνεννόησις Γαλλίας καὶ Γερμανίας εἶναι πλέον ἐπιτευκτή. Ὁ Γερμανὸς ὑπουργὸς ἐτόνισεν ὅτι ἡ Γερμανία ἐπιθυμεῖ εἰλικρινῶς τὴν εἰρήνην καὶ τὴν οἰκονομικὴν συνεργασίαν.	ΑΝΤΩΝΙΑΔΗΣ
ΠΑΡΑΙΤΕΙΤΑΙ
ΣΗΜΕΡΟΝ Ο κ. ΚΟΝΔΥΛΗΣ;

Κατὰ ὑπεύθυνους πληροφορίας, ὁ κ. Κονδύλης κατὰ τὴν σημερινὴν σύσκεψιν θὰ ὑποβάλῃ τὴν παραίτησιν τῆς Κυβερνήσεως, ἐὰν οἱ πολιτικοὶ ἀρχηγοὶ συμφωνήσουν ἐπὶ τοῦ σχηματισμοῦ νέας Κυβερνήσεως.

ΑΝΑΒΑΛΛΕΤΑΙ Η ΠΡΟΣΚΛΗΣΙΣ
ΤΩΝ ΚΛΗΡΩΤΩΝ ΤΟΥ 1926Β

Ὑπεγράφη χθὲς τὸ ἀπόγευμα διάταγμα διὰ τοῦ ὁποίου ἀναβάλλεται ἡ πρόσκλησις τῶν κληρωτῶν τῆς κλάσεως 1926Β, ἡ ὁποία ἐπρόκειτο νὰ γίνῃ τὴν 1ην Ὀκτωβρίου. Ἡ νέα ἡμερομηνία θὰ ὁρισθῇ διὰ νεωτέρου διατάγματος.

Η ΣΥΣΚΕΨΙΣ ΜΕΤΑΞΥ
ΤΣΑΛΔΑΡΗ ΚΑΙ ΔΕΜΕΡΤΖΗ
Η ΠΑΡΑΙΤΗΣΙΣ ΤΩΝ ΑΠΟ ΤΟΥ ΠΟΛΙΤΙΚΟΥ

Ἡ διὰ χθὲς τὴν ἑσπέραν ὁρισθεῖσα σύσκεψις μεταξὺ τῶν κ.κ. Τσαλδάρη καὶ Δεμερτζῆ ἀνεβλήθη διὰ σήμερον. Οἱ δύο ἀρχηγοὶ θὰ συζητήσουν τὴν στάσιν τοῦ Λαϊκοῦ Κόμματος ἐν ὄψει τῆς σημερινῆς συσκέψεως. Κατὰ πληροφορίας, ὁ κ. Τσαλδάρης τάσσεται ὑπὲρ τῆς συμμετοχῆς εἰς τὰς ἐκλογάς, ὑπὸ τὸν ὅρον ὅτι θὰ δοθοῦν ἐγγυήσεις. Ὁ κ. Μεταξᾶς ἐπίσης συμφωνεῖ. Ἐν τούτοις ἡ ἀπόφασις θὰ ληφθῇ μετὰ τὴν σύσκεψιν εἰς τὸ Κυβερνεῖον, ὅπου θὰ ἀκουσθοῦν αἱ ἀπόψεις ὅλων τῶν ἀρχηγῶν. Πληροφορούμεθα ὅτι ὁ κ. Καφαντάρης καὶ ὁ κ. Μιχαλακόπουλος θὰ ζητήσουν ἐξηγήσεις.

Ἡ διὰ χθὲς τὴν ἑσπέραν ὁρισθεῖσα σύσκεψις μεταξὺ τῶν κ.κ. Τσαλδάρη καὶ Δεμερτζῆ ἀνεβλήθη διὰ σήμερον. Οἱ δύο ἀρχηγοὶ θὰ συζητήσουν τὴν στάσιν τοῦ Λαϊκοῦ Κόμματος ἐν ὄψει τῆς σημερινῆς συσκέψεως. Κατὰ πληροφορίας, ὁ κ. Τσαλδάρης τάσσεται ὑπὲρ τῆς συμμετοχῆς εἰς τὰς ἐκλογάς, ὑπὸ τὸν ὅρον ὅτι θὰ δοθοῦν ἐγγυήσεις. Ὁ κ. Μεταξᾶς ἐπίσης συμφωνεῖ. Ἐν τούτοις ἡ ἀπόφασις θὰ ληφθῇ μετὰ τὴν σύσκεψιν εἰς τὸ Κυβερνεῖον, ὅπου θὰ ἀκουσθοῦν αἱ ἀπόψεις ὅλων τῶν ἀρχηγῶν. Πληροφορούμεθα ὅτι ὁ κ. Καφαντάρης καὶ ὁ κ. Μιχαλακόπουλος θὰ ζητήσουν ἐξηγήσεις.

Η ΧΘΕΣΙΝΗ ΣΥΝΕΛΕΥΣΙΣ
ΤΩΝ ΔΗΜΟΣΙΩΝ ΥΠΑΛΛΗΛΩΝ

Κατὰ τὴν γενομένην χθὲς περὶ ὥραν 7ην μ.μ. ἐν τῷ θεάτρῳ «Ὀλύμπια» γενικὴν συνέλευσιν τῶν δημοσίων ὑπαλλήλων, ἀπεφασίσθη νὰ ζητηθῇ ἡ ἐφαρμογὴ τοῦ νόμου περὶ μονιμότητος καὶ ἡ αὔξησις τῶν μισθῶν. Ἐξελέγη ἐπιτροπὴ ἡ ὁποία θὰ ἐπισκεφθῇ τὸν κ. Πρωθυπουργόν.

Κατὰ τὴν γενομένην χθὲς περὶ ὥραν 7ην μ.μ. ἐν τῷ θεάτρῳ «Ὀλύμπια» γενικὴν συνέλευσιν τῶν δημοσίων ὑπαλλήλων, ἀπεφασίσθη νὰ ζητηθῇ ἡ ἐφαρμογὴ τοῦ νόμου περὶ μονιμότητος καὶ ἡ αὔξησις τῶν μισθῶν. Ἐξελέγη ἐπιτροπὴ ἡ ὁποία θὰ ἐπισκεφθῇ τὸν κ. Πρωθυπουργόν.

ΤΟ ΑΝΩΤΑΤΟΝ ΣΤΡΑΤΙΩΤΙΚΟΝ ΣΥΜΒΟΥΛΙΟΝ

Κατηρτίσθη ὑπὸ τοῦ ὑπουργείου τῶν Ναυτικῶν τὸ Διάταγμα, διὰ τοῦ ὁποίου ὁρίζεται ἡ σύνθεσις τοῦ Ἀνωτάτου Ναυτικοῦ Συμβουλίου.

Κατηρτίσθη ὑπὸ τοῦ ὑπουργείου τῶν Ναυτικῶν τὸ Διάταγμα, διὰ τοῦ ὁποίου ὁρίζεται ἡ σύνθεσις τοῦ Ἀνωτάτου Ναυτικοῦ Συμβουλίου.

Ο ΠΕΙΡΑΙΕΥΣ
ΚΑΤΑ ΤΗΣ ΑΝΑΛΟΓΙΚΗΣ

Προσκλήσει τῆς «Ἀστικῆς Ἑνώσεως» Πειραιῶς καὶ τῇ συνεργασίᾳ ὅλων τῶν ἐπαγγελματικῶν σωματείων συνῆλθον εἰς σύσκεψιν οἱ ἀντιπρόσωποι τῆς ἀγορᾶς, ἀποφασίσαντες νὰ ταχθοῦν κατὰ τοῦ συστήματος τῆς ἀναλογικῆς. Πληρεξούσιοι: Δ. Πετρόγλου, Π. Βαρδάκης, Σ. Μιχαλόπουλος.
